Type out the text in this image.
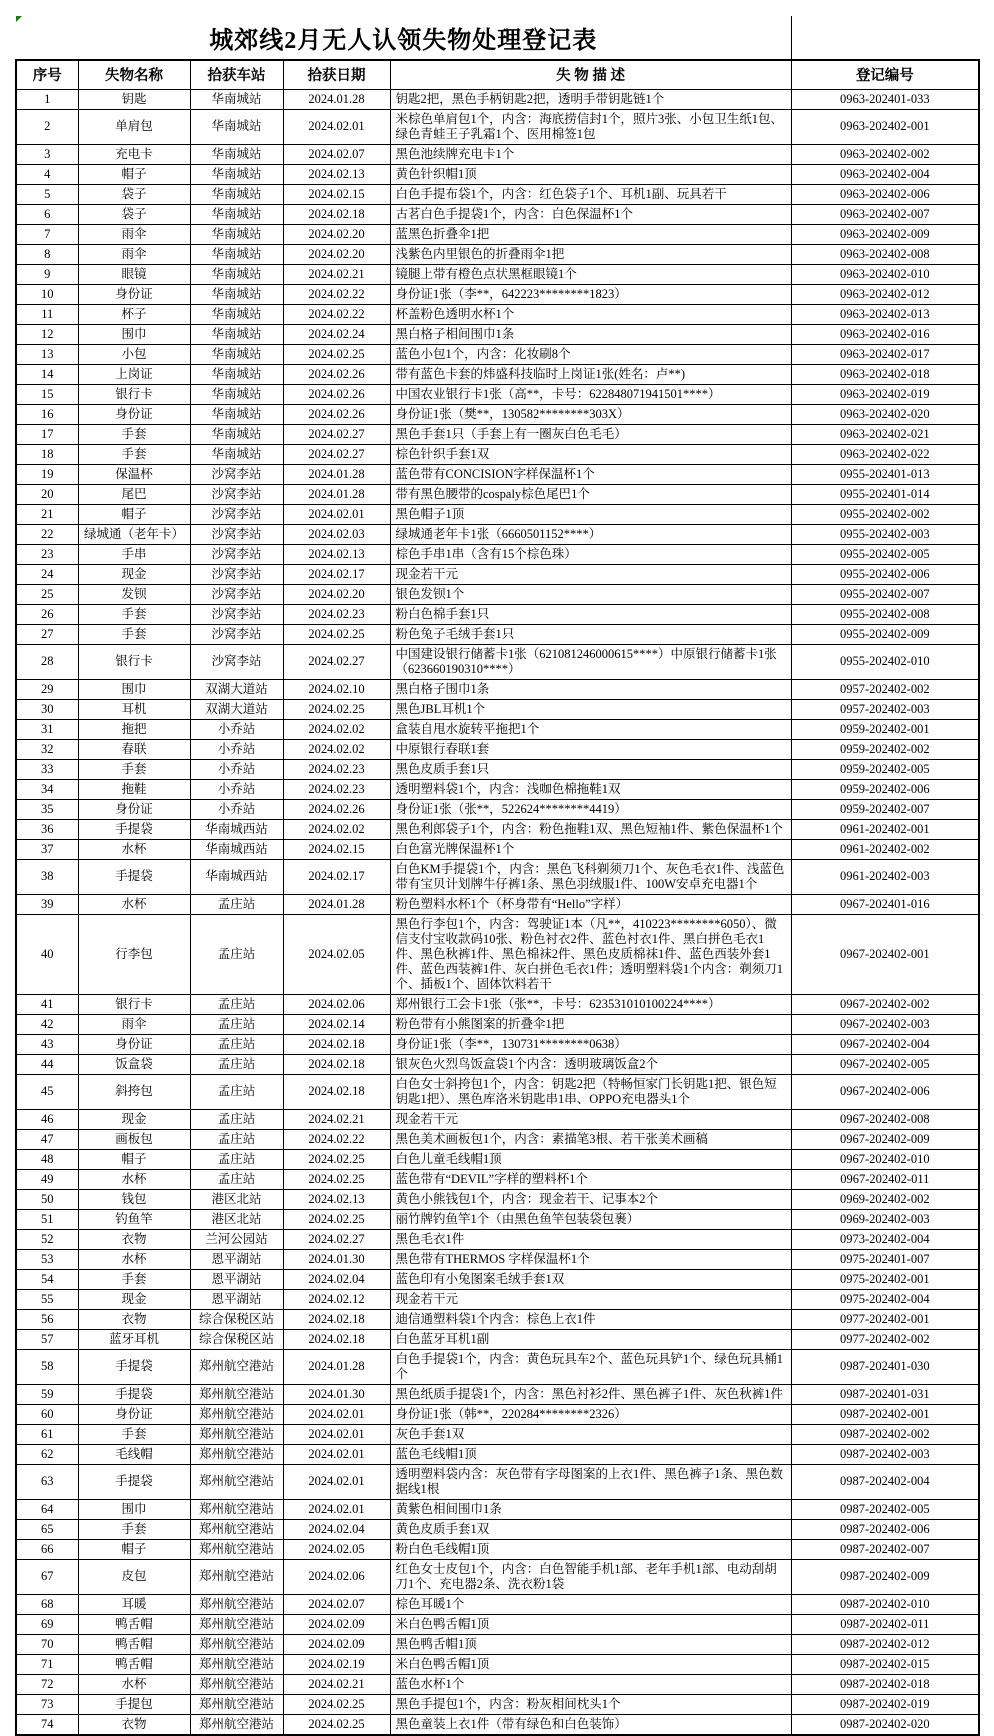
城郊线2月无人认领失物处理登记表					
序号	失物名称	拾获车站	拾获日期	失 物 描 述	登记编号
1	钥匙	华南城站	2024.01.28	钥匙2把，黑色手柄钥匙2把，透明手带钥匙链1个	0963-202401-033
2	单肩包	华南城站	2024.02.01	米棕色单肩包1个，内含：海底捞信封1个，照片3张、小包卫生纸1包、绿色青蛙王子乳霜1个、医用棉签1包	0963-202402-001
3	充电卡	华南城站	2024.02.07	黑色池续牌充电卡1个	0963-202402-002
4	帽子	华南城站	2024.02.13	黄色针织帽1顶	0963-202402-004
5	袋子	华南城站	2024.02.15	白色手提布袋1个，内含：红色袋子1个、耳机1副、玩具若干	0963-202402-006
6	袋子	华南城站	2024.02.18	古茗白色手提袋1个，内含：白色保温杯1个	0963-202402-007
7	雨伞	华南城站	2024.02.20	蓝黑色折叠伞1把	0963-202402-009
8	雨伞	华南城站	2024.02.20	浅紫色内里银色的折叠雨伞1把	0963-202402-008
9	眼镜	华南城站	2024.02.21	镜腿上带有橙色点状黑框眼镜1个	0963-202402-010
10	身份证	华南城站	2024.02.22	身份证1张（李**，642223********1823）	0963-202402-012
11	杯子	华南城站	2024.02.22	杯盖粉色透明水杯1个	0963-202402-013
12	围巾	华南城站	2024.02.24	黑白格子相间围巾1条	0963-202402-016
13	小包	华南城站	2024.02.25	蓝色小包1个，内含：化妆刷8个	0963-202402-017
14	上岗证	华南城站	2024.02.26	带有蓝色卡套的炜盛科技临时上岗证1张(姓名：卢**)	0963-202402-018
15	银行卡	华南城站	2024.02.26	中国农业银行卡1张（高**，卡号：622848071941501****）	0963-202402-019
16	身份证	华南城站	2024.02.26	身份证1张（樊**，130582********303X）	0963-202402-020
17	手套	华南城站	2024.02.27	黑色手套1只（手套上有一圈灰白色毛毛）	0963-202402-021
18	手套	华南城站	2024.02.27	棕色针织手套1双	0963-202402-022
19	保温杯	沙窝李站	2024.01.28	蓝色带有CONCISION字样保温杯1个	0955-202401-013
20	尾巴	沙窝李站	2024.01.28	带有黑色腰带的cospaly棕色尾巴1个	0955-202401-014
21	帽子	沙窝李站	2024.02.01	黑色帽子1顶	0955-202402-002
22	绿城通（老年卡）	沙窝李站	2024.02.03	绿城通老年卡1张（6660501152****）	0955-202402-003
23	手串	沙窝李站	2024.02.13	棕色手串1串（含有15个棕色珠）	0955-202402-005
24	现金	沙窝李站	2024.02.17	现金若干元	0955-202402-006
25	发钡	沙窝李站	2024.02.20	银色发钡1个	0955-202402-007
26	手套	沙窝李站	2024.02.23	粉白色棉手套1只	0955-202402-008
27	手套	沙窝李站	2024.02.25	粉色兔子毛绒手套1只	0955-202402-009
28	银行卡	沙窝李站	2024.02.27	中国建设银行储蓄卡1张（621081246000615****）中原银行储蓄卡1张（623660190310****）	0955-202402-010
29	围巾	双湖大道站	2024.02.10	黑白格子围巾1条	0957-202402-002
30	耳机	双湖大道站	2024.02.25	黑色JBL耳机1个	0957-202402-003
31	拖把	小乔站	2024.02.02	盒装自甩水旋转平拖把1个	0959-202402-001
32	春联	小乔站	2024.02.02	中原银行春联1套	0959-202402-002
33	手套	小乔站	2024.02.23	黑色皮质手套1只	0959-202402-005
34	拖鞋	小乔站	2024.02.23	透明塑料袋1个，内含：浅咖色棉拖鞋1双	0959-202402-006
35	身份证	小乔站	2024.02.26	身份证1张（张**，522624********4419）	0959-202402-007
36	手提袋	华南城西站	2024.02.02	黑色利郎袋子1个，内含：粉色拖鞋1双、黑色短袖1件、紫色保温杯1个	0961-202402-001
37	水杯	华南城西站	2024.02.15	白色富光牌保温杯1个	0961-202402-002
38	手提袋	华南城西站	2024.02.17	白色KM手提袋1个，内含：黑色飞科剃须刀1个、灰色毛衣1件、浅蓝色带有宝贝计划牌牛仔裤1条、黑色羽绒服1件、100W安卓充电器1个	0961-202402-003
39	水杯	孟庄站	2024.01.28	粉色塑料水杯1个（杯身带有“Hello”字样）	0967-202401-016
40	行李包	孟庄站	2024.02.05	黑色行李包1个，内含：驾驶证1本（凡**，410223********6050）、微信支付宝收款码10张、粉色衬衣2件、蓝色衬衣1件、黑白拼色毛衣1件、黑色秋裤1件、黑色棉袜2件、黑色皮质棉袜1件、蓝色西装外套1件、蓝色西装裤1件、灰白拼色毛衣1件；透明塑料袋1个内含：剃须刀1个、插板1个、固体饮料若干	0967-202402-001
41	银行卡	孟庄站	2024.02.06	郑州银行工会卡1张（张**，卡号：623531010100224****）	0967-202402-002
42	雨伞	孟庄站	2024.02.14	粉色带有小熊图案的折叠伞1把	0967-202402-003
43	身份证	孟庄站	2024.02.18	身份证1张（李**，130731********0638）	0967-202402-004
44	饭盒袋	孟庄站	2024.02.18	银灰色火烈鸟饭盒袋1个内含：透明玻璃饭盒2个	0967-202402-005
45	斜挎包	孟庄站	2024.02.18	白色女士斜挎包1个，内含：钥匙2把（特畅恒家门长钥匙1把、银色短钥匙1把）、黑色库洛米钥匙串1串、OPPO充电器头1个	0967-202402-006
46	现金	孟庄站	2024.02.21	现金若干元	0967-202402-008
47	画板包	孟庄站	2024.02.22	黑色美术画板包1个，内含：素描笔3根、若干张美术画稿	0967-202402-009
48	帽子	孟庄站	2024.02.25	白色儿童毛线帽1顶	0967-202402-010
49	水杯	孟庄站	2024.02.25	蓝色带有“DEVIL”字样的塑料杯1个	0967-202402-011
50	钱包	港区北站	2024.02.13	黄色小熊钱包1个，内含：现金若干、记事本2个	0969-202402-002
51	钓鱼竿	港区北站	2024.02.25	丽竹牌钓鱼竿1个（由黑色鱼竿包装袋包裹）	0969-202402-003
52	衣物	兰河公园站	2024.02.27	黑色毛衣1件	0973-202402-004
53	水杯	恩平湖站	2024.01.30	黑色带有THERMOS 字样保温杯1个	0975-202401-007
54	手套	恩平湖站	2024.02.04	蓝色印有小兔图案毛绒手套1双	0975-202402-001
55	现金	恩平湖站	2024.02.12	现金若干元	0975-202402-004
56	衣物	综合保税区站	2024.02.18	迪信通塑料袋1个内含：棕色上衣1件	0977-202402-001
57	蓝牙耳机	综合保税区站	2024.02.18	白色蓝牙耳机1副	0977-202402-002
58	手提袋	郑州航空港站	2024.01.28	白色手提袋1个，内含：黄色玩具车2个、蓝色玩具铲1个、绿色玩具桶1个	0987-202401-030
59	手提袋	郑州航空港站	2024.01.30	黑色纸质手提袋1个，内含：黑色衬衫2件、黑色裤子1件、灰色秋裤1件	0987-202401-031
60	身份证	郑州航空港站	2024.02.01	身份证1张（韩**，220284********2326）	0987-202402-001
61	手套	郑州航空港站	2024.02.01	灰色手套1双	0987-202402-002
62	毛线帽	郑州航空港站	2024.02.01	蓝色毛线帽1顶	0987-202402-003
63	手提袋	郑州航空港站	2024.02.01	透明塑料袋内含：灰色带有字母图案的上衣1件、黑色裤子1条、黑色数据线1根	0987-202402-004
64	围巾	郑州航空港站	2024.02.01	黄紫色相间围巾1条	0987-202402-005
65	手套	郑州航空港站	2024.02.04	黄色皮质手套1双	0987-202402-006
66	帽子	郑州航空港站	2024.02.05	粉白色毛线帽1顶	0987-202402-007
67	皮包	郑州航空港站	2024.02.06	红色女士皮包1个，内含：白色智能手机1部、老年手机1部、电动刮胡刀1个、充电器2条、洗衣粉1袋	0987-202402-009
68	耳暖	郑州航空港站	2024.02.07	棕色耳暖1个	0987-202402-010
69	鸭舌帽	郑州航空港站	2024.02.09	米白色鸭舌帽1顶	0987-202402-011
70	鸭舌帽	郑州航空港站	2024.02.09	黑色鸭舌帽1顶	0987-202402-012
71	鸭舌帽	郑州航空港站	2024.02.19	米白色鸭舌帽1顶	0987-202402-015
72	水杯	郑州航空港站	2024.02.21	蓝色水杯1个	0987-202402-018
73	手提包	郑州航空港站	2024.02.25	黑色手提包1个，内含：粉灰相间枕头1个	0987-202402-019
74	衣物	郑州航空港站	2024.02.25	黑色童装上衣1件（带有绿色和白色装饰）	0987-202402-020
